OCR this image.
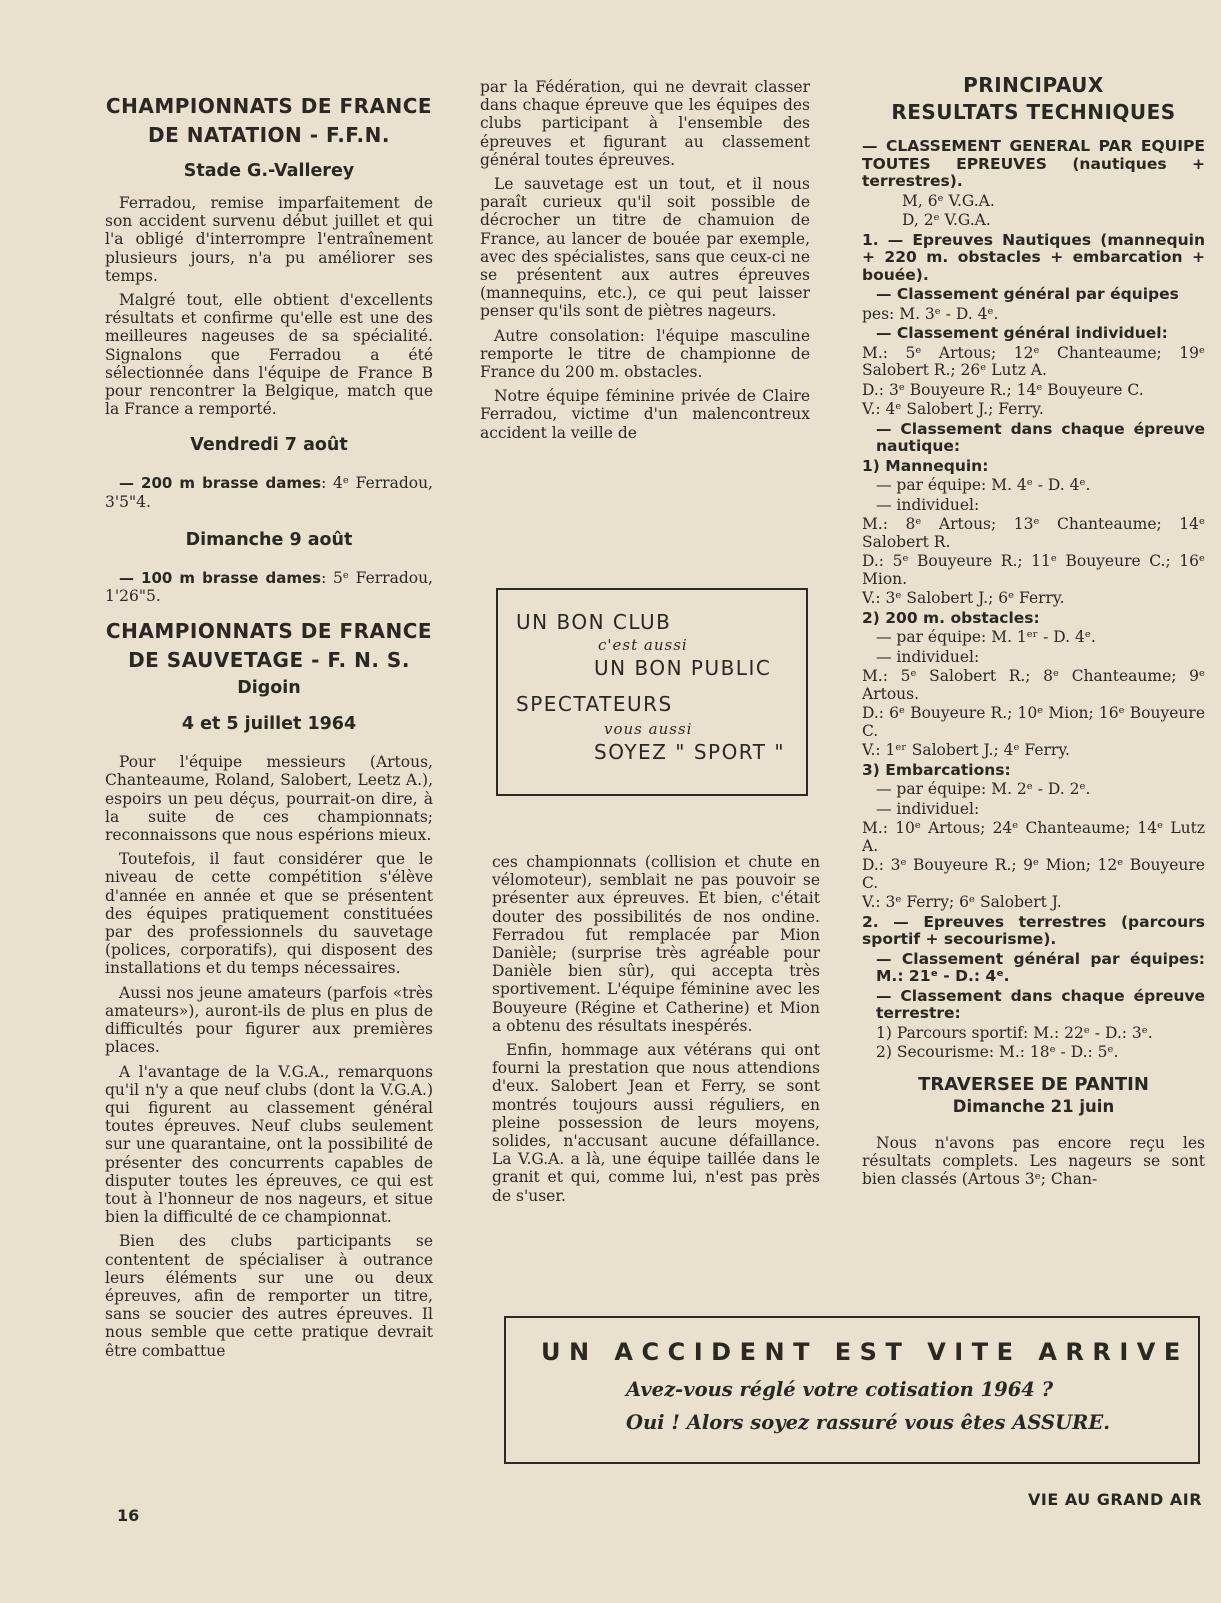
CHAMPIONNATS DE FRANCE

DE NATATION - F.F.N.

Stade G.-Vallerey

Ferradou, remise imparfaitement de son accident survenu début juillet et qui l'a obligé d'interrompre l'entraînement plusieurs jours, n'a pu améliorer ses temps.

Malgré tout, elle obtient d'excellents résultats et confirme qu'elle est une des meilleures nageuses de sa spécialité. Signalons que Ferradou a été sélectionnée dans l'équipe de France B pour rencontrer la Belgique, match que la France a remporté.

Vendredi 7 août

— 200 m brasse dames: 4ᵉ Ferradou, 3'5"4.

Dimanche 9 août

— 100 m brasse dames: 5ᵉ Ferradou, 1'26"5.

CHAMPIONNATS DE FRANCE

DE SAUVETAGE - F. N. S.

Digoin

4 et 5 juillet 1964

Pour l'équipe messieurs (Artous, Chanteaume, Roland, Salobert, Leetz A.), espoirs un peu déçus, pourrait-on dire, à la suite de ces championnats; reconnaissons que nous espérions mieux.

Toutefois, il faut considérer que le niveau de cette compétition s'élève d'année en année et que se présentent des équipes pratiquement constituées par des professionnels du sauvetage (polices, corporatifs), qui disposent des installations et du temps nécessaires.

Aussi nos jeune amateurs (parfois «très amateurs»), auront-ils de plus en plus de difficultés pour figurer aux premières places.

A l'avantage de la V.G.A., remarquons qu'il n'y a que neuf clubs (dont la V.G.A.) qui figurent au classement général toutes épreuves. Neuf clubs seulement sur une quarantaine, ont la possibilité de présenter des concurrents capables de disputer toutes les épreuves, ce qui est tout à l'honneur de nos nageurs, et situe bien la difficulté de ce championnat.

Bien des clubs participants se contentent de spécialiser à outrance leurs éléments sur une ou deux épreuves, afin de remporter un titre, sans se soucier des autres épreuves. Il nous semble que cette pratique devrait être combattue

par la Fédération, qui ne devrait classer dans chaque épreuve que les équipes des clubs participant à l'ensemble des épreuves et figurant au classement général toutes épreuves.

Le sauvetage est un tout, et il nous paraît curieux qu'il soit possible de décrocher un titre de chamuion de France, au lancer de bouée par exemple, avec des spécialistes, sans que ceux-ci ne se présentent aux autres épreuves (mannequins, etc.), ce qui peut laisser penser qu'ils sont de piètres nageurs.

Autre consolation: l'équipe masculine remporte le titre de championne de France du 200 m. obstacles.

Notre équipe féminine privée de Claire Ferradou, victime d'un malencontreux accident la veille de

UN BON CLUB
c'est aussi
UN BON PUBLIC
SPECTATEURS
vous aussi
SOYEZ " SPORT "

ces championnats (collision et chute en vélomoteur), semblait ne pas pouvoir se présenter aux épreuves. Et bien, c'était douter des possibilités de nos ondine. Ferradou fut remplacée par Mion Danièle; (surprise très agréable pour Danièle bien sûr), qui accepta très sportivement. L'équipe féminine avec les Bouyeure (Régine et Catherine) et Mion a obtenu des résultats inespérés.

Enfin, hommage aux vétérans qui ont fourni la prestation que nous attendions d'eux. Salobert Jean et Ferry, se sont montrés toujours aussi réguliers, en pleine possession de leurs moyens, solides, n'accusant aucune défaillance. La V.G.A. a là, une équipe taillée dans le granit et qui, comme lui, n'est pas près de s'user.

PRINCIPAUX

RESULTATS TECHNIQUES

— CLASSEMENT GENERAL PAR EQUIPE TOUTES EPREUVES (nautiques + terrestres).
M, 6ᵉ V.G.A.
D, 2ᵉ V.G.A.
1. — Epreuves Nautiques (mannequin + 220 m. obstacles + embarcation + bouée).
— Classement général par équipes
pes: M. 3ᵉ - D. 4ᵉ.
— Classement général individuel:
M.: 5ᵉ Artous; 12ᵉ Chanteaume; 19ᵉ Salobert R.; 26ᵉ Lutz A.
D.: 3ᵉ Bouyeure R.; 14ᵉ Bouyeure C.
V.: 4ᵉ Salobert J.; Ferry.
— Classement dans chaque épreuve nautique:
1) Mannequin:
— par équipe: M. 4ᵉ - D. 4ᵉ.
— individuel:
M.: 8ᵉ Artous; 13ᵉ Chanteaume; 14ᵉ Salobert R.
D.: 5ᵉ Bouyeure R.; 11ᵉ Bouyeure C.; 16ᵉ Mion.
V.: 3ᵉ Salobert J.; 6ᵉ Ferry.
2) 200 m. obstacles:
— par équipe: M. 1ᵉʳ - D. 4ᵉ.
— individuel:
M.: 5ᵉ Salobert R.; 8ᵉ Chanteaume; 9ᵉ Artous.
D.: 6ᵉ Bouyeure R.; 10ᵉ Mion; 16ᵉ Bouyeure C.
V.: 1ᵉʳ Salobert J.; 4ᵉ Ferry.
3) Embarcations:
— par équipe: M. 2ᵉ - D. 2ᵉ.
— individuel:
M.: 10ᵉ Artous; 24ᵉ Chanteaume; 14ᵉ Lutz A.
D.: 3ᵉ Bouyeure R.; 9ᵉ Mion; 12ᵉ Bouyeure C.
V.: 3ᵉ Ferry; 6ᵉ Salobert J.
2. — Epreuves terrestres (parcours sportif + secourisme).
— Classement général par équipes: M.: 21ᵉ - D.: 4ᵉ.
— Classement dans chaque épreuve terrestre:
1) Parcours sportif: M.: 22ᵉ - D.: 3ᵉ.
2) Secourisme: M.: 18ᵉ - D.: 5ᵉ.

TRAVERSEE DE PANTIN

Dimanche 21 juin

Nous n'avons pas encore reçu les résultats complets. Les nageurs se sont bien classés (Artous 3ᵉ; Chan-

UN ACCIDENT EST VITE ARRIVE
Avez-vous réglé votre cotisation 1964 ?
Oui ! Alors soyez rassuré vous êtes ASSURE.
16
VIE AU GRAND AIR
